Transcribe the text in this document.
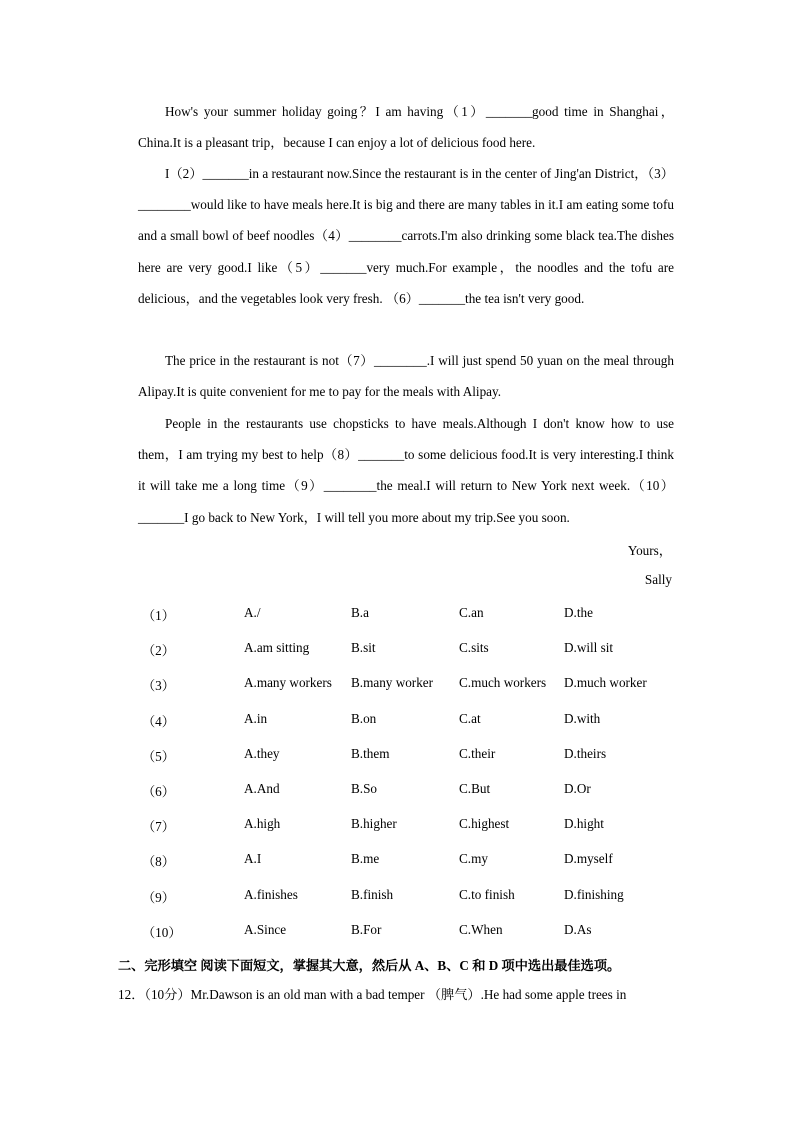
How's your summer holiday going？I am having（1）_______good time in Shanghai，China.It is a pleasant trip，because I can enjoy a lot of delicious food here.
I（2）_______in a restaurant now.Since the restaurant is in the center of Jing'an District，（3）________would like to have meals here.It is big and there are many tables in it.I am eating some tofu and a small bowl of beef noodles（4）________carrots.I'm also drinking some black tea.The dishes here are very good.I like（5）_______very much.For example，the noodles and the tofu are delicious，and the vegetables look very fresh. （6）_______the tea isn't very good.
The price in the restaurant is not（7）________.I will just spend 50 yuan on the meal through Alipay.It is quite convenient for me to pay for the meals with Alipay.
People in the restaurants use chopsticks to have meals.Although I don't know how to use them，I am trying my best to help（8）_______to some delicious food.It is very interesting.I think it will take me a long time（9）________the meal.I will return to New York next week.（10）_______I go back to New York，I will tell you more about my trip.See you soon.
Yours，
Sally
（1）	A./	B.a	C.an	D.the
（2）	A.am sitting	B.sit	C.sits	D.will sit
（3）	A.many workers B.many worker C.much workers D.much worker
（4）	A.in	B.on	C.at	D.with
（5）	A.they	B.them	C.their	D.theirs
（6）	A.And	B.So	C.But	D.Or
（7）	A.high	B.higher	C.highest	D.hight
（8）	A.I	B.me	C.my	D.myself
（9）	A.finishes	B.finish	C.to finish	D.finishing
（10）	A.Since	B.For	C.When	D.As
二、完形填空 阅读下面短文，掌握其大意，然后从 A、B、C 和 D 项中选出最佳选项。
12．（10分）Mr.Dawson is an old man with a bad temper （脾气）.He had some apple trees in
